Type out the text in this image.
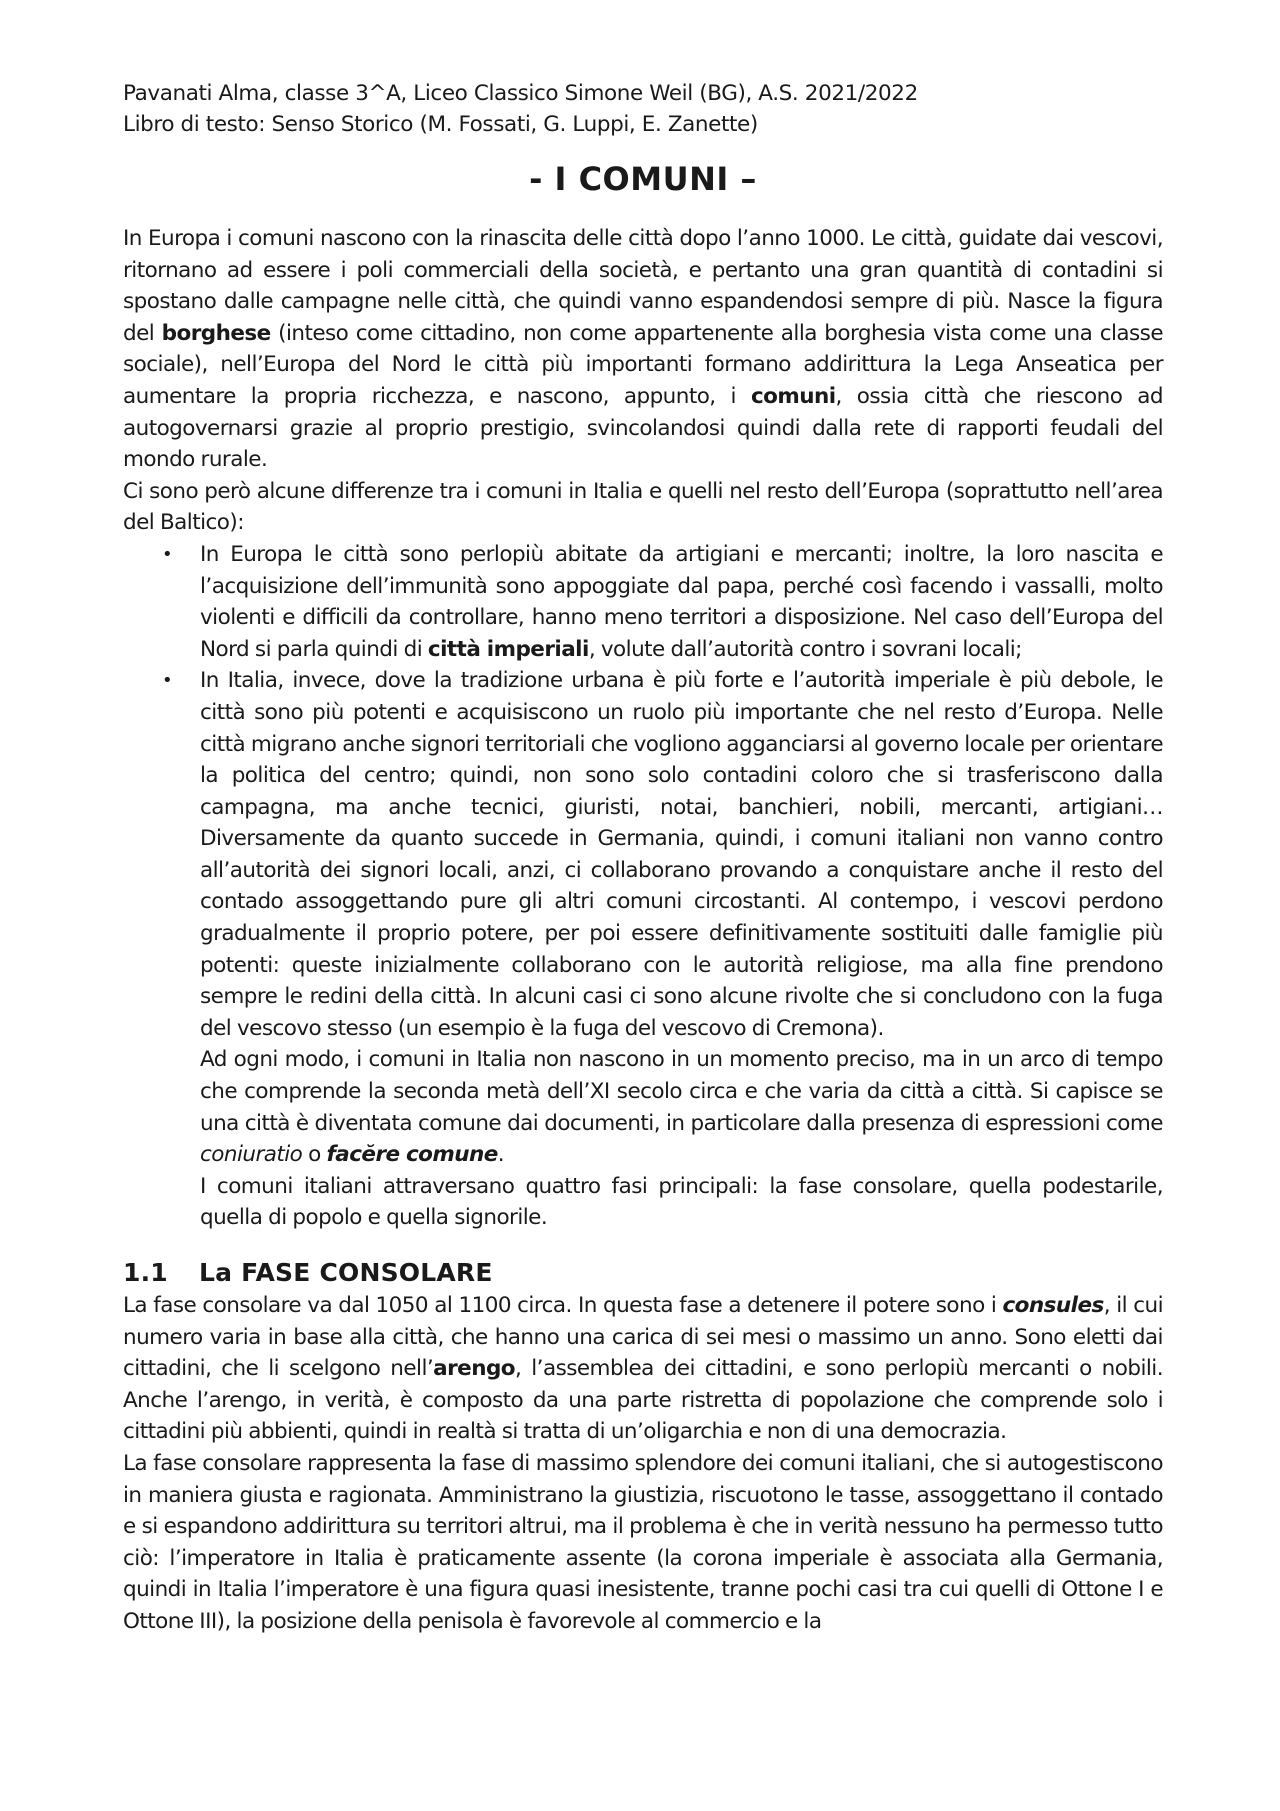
Pavanati Alma, classe 3^A, Liceo Classico Simone Weil (BG), A.S. 2021/2022
Libro di testo: Senso Storico (M. Fossati, G. Luppi, E. Zanette)
- I COMUNI –

In Europa i comuni nascono con la rinascita delle città dopo l’anno 1000. Le città, guidate dai vescovi, ritornano ad essere i poli commerciali della società, e pertanto una gran quantità di contadini si spostano dalle campagne nelle città, che quindi vanno espandendosi sempre di più. Nasce la figura del borghese (inteso come cittadino, non come appartenente alla borghesia vista come una classe sociale), nell’Europa del Nord le città più importanti formano addirittura la Lega Anseatica per aumentare la propria ricchezza, e nascono, appunto, i comuni, ossia città che riescono ad autogovernarsi grazie al proprio prestigio, svincolandosi quindi dalla rete di rapporti feudali del mondo rurale.

Ci sono però alcune differenze tra i comuni in Italia e quelli nel resto dell’Europa (soprattutto nell’area del Baltico):

• In Europa le città sono perlopiù abitate da artigiani e mercanti; inoltre, la loro nascita e l’acquisizione dell’immunità sono appoggiate dal papa, perché così facendo i vassalli, molto violenti e difficili da controllare, hanno meno territori a disposizione. Nel caso dell’Europa del Nord si parla quindi di città imperiali, volute dall’autorità contro i sovrani locali;
• In Italia, invece, dove la tradizione urbana è più forte e l’autorità imperiale è più debole, le città sono più potenti e acquisiscono un ruolo più importante che nel resto d’Europa. Nelle città migrano anche signori territoriali che vogliono agganciarsi al governo locale per orientare la politica del centro; quindi, non sono solo contadini coloro che si trasferiscono dalla campagna, ma anche tecnici, giuristi, notai, banchieri, nobili, mercanti, artigiani… Diversamente da quanto succede in Germania, quindi, i comuni italiani non vanno contro all’autorità dei signori locali, anzi, ci collaborano provando a conquistare anche il resto del contado assoggettando pure gli altri comuni circostanti. Al contempo, i vescovi perdono gradualmente il proprio potere, per poi essere definitivamente sostituiti dalle famiglie più potenti: queste inizialmente collaborano con le autorità religiose, ma alla fine prendono sempre le redini della città. In alcuni casi ci sono alcune rivolte che si concludono con la fuga del vescovo stesso (un esempio è la fuga del vescovo di Cremona).

Ad ogni modo, i comuni in Italia non nascono in un momento preciso, ma in un arco di tempo che comprende la seconda metà dell’XI secolo circa e che varia da città a città. Si capisce se una città è diventata comune dai documenti, in particolare dalla presenza di espressioni come coniuratio o facĕre comune.

I comuni italiani attraversano quattro fasi principali: la fase consolare, quella podestarile, quella di popolo e quella signorile.

1.1 La FASE CONSOLARE

La fase consolare va dal 1050 al 1100 circa. In questa fase a detenere il potere sono i consules, il cui numero varia in base alla città, che hanno una carica di sei mesi o massimo un anno. Sono eletti dai cittadini, che li scelgono nell’arengo, l’assemblea dei cittadini, e sono perlopiù mercanti o nobili. Anche l’arengo, in verità, è composto da una parte ristretta di popolazione che comprende solo i cittadini più abbienti, quindi in realtà si tratta di un’oligarchia e non di una democrazia.

La fase consolare rappresenta la fase di massimo splendore dei comuni italiani, che si autogestiscono in maniera giusta e ragionata. Amministrano la giustizia, riscuotono le tasse, assoggettano il contado e si espandono addirittura su territori altrui, ma il problema è che in verità nessuno ha permesso tutto ciò: l’imperatore in Italia è praticamente assente (la corona imperiale è associata alla Germania, quindi in Italia l’imperatore è una figura quasi inesistente, tranne pochi casi tra cui quelli di Ottone I e Ottone III), la posizione della penisola è favorevole al commercio e la
